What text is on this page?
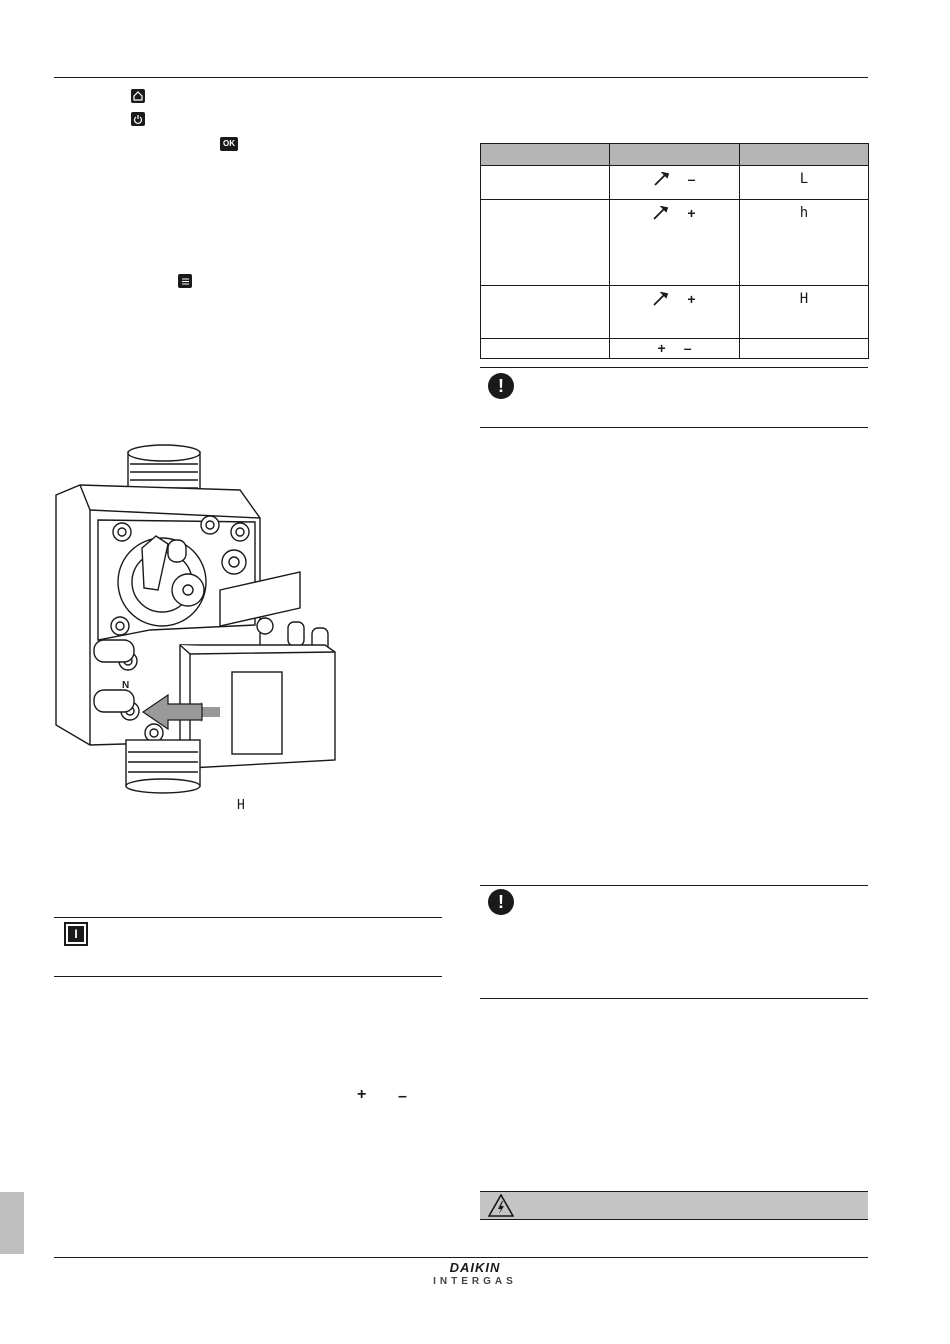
OK
N
H
I
+ –

	–	L

	+	h

	+	H

	+ –	

!
!
DAIKIN
INTERGAS
